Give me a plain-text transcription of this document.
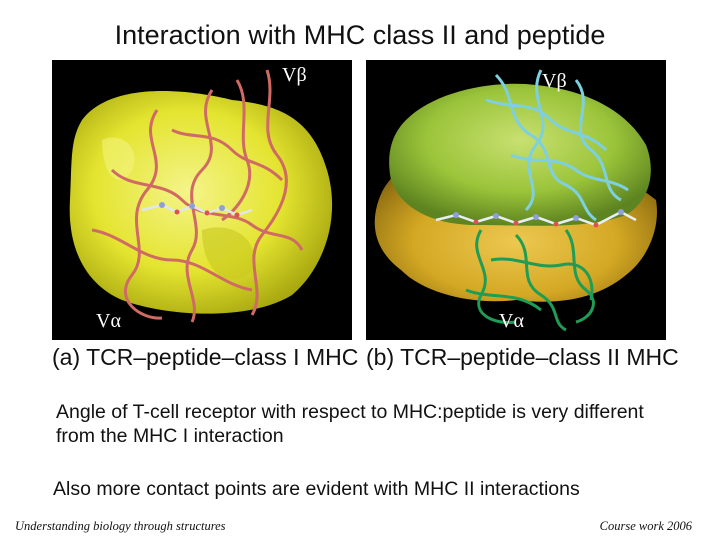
Interaction with MHC class II and peptide
Vβ
Vα
Vβ
Vα
(a) TCR–peptide–class I MHC (b) TCR–peptide–class II MHC
Angle of T-cell receptor with respect to MHC:peptide is very different from the MHC I interaction
Also more contact points are evident with MHC II interactions
Understanding biology through structures	Course work 2006
